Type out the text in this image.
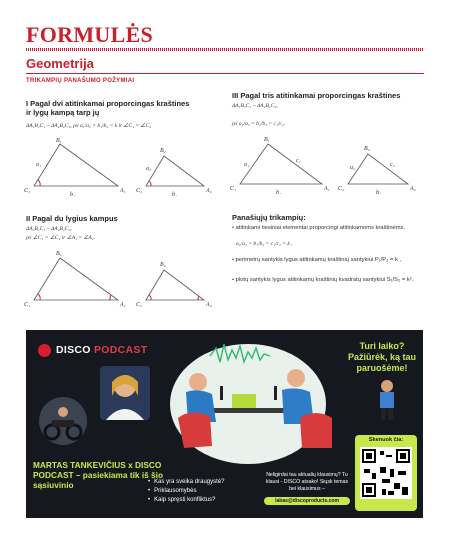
FORMULĖS
Geometrija
TRIKAMPIŲ PANAŠUMO POŽYMIAI
I Pagal dvi atitinkamai proporcingas kraštines ir lygų kampą tarp jų
ΔA₁B₁C₁ ~ ΔA₂B₂C₂, jei a₁/a₂ = b₁/b₂ = k ir ∠C₁ = ∠C₂
C₁
B₁
A₁
a₁
b₁
C₂
B₂
A₂
a₂
b₂
II Pagal du lygius kampus
ΔA₁B₁C₁ ~ ΔA₂B₂C₂,
jei ∠C₁ = ∠C₂ ir ∠A₁ = ∠A₂.
C₁
B₁
A₁ C₂
B₂
A₂
III Pagal tris atitinkamai proporcingas kraštines
ΔA₁B₁C₁ ~ ΔA₂B₂C₂,
jei a₁/a₂ = b₁/b₂ = c₁/c₂.
C₁
B₁
A₁
a₁
c₁
b₁
C₂
B₂
A₂
a₂	c₂
b₂
Panašiųjų trikampių:
• atitinkami tiesiniai elementai proporcingi atitinkamoms kraštinėms.
a₁/a₂ = b₁/b₂ = c₁/c₂ = k ,
• perimetrų santykis lygus atitinkamų kraštinių santykiui P₁/P₂ = k ,
• plotų santykis lygus atitinkamų kraštinių kvadratų santykiui S₁/S₂ = k².
DISCO PODCAST	Turi laiko? Pažiūrėk, ką tau paruošėme!
MARTAS TANKEVIČIUS x DISCO PODCAST – pasiekiama tik iš šio sąsiuvinio
•	Kas yra sveika draugystė?
• Priklausomybės
• Kaip spręsti konfliktus?
Neligirdai tau aktualių klausimų? Tu klausi - DISCO atsako! Siųsk temas bei klausimus –
labas@discoproducts.com
Skenuok čia:
